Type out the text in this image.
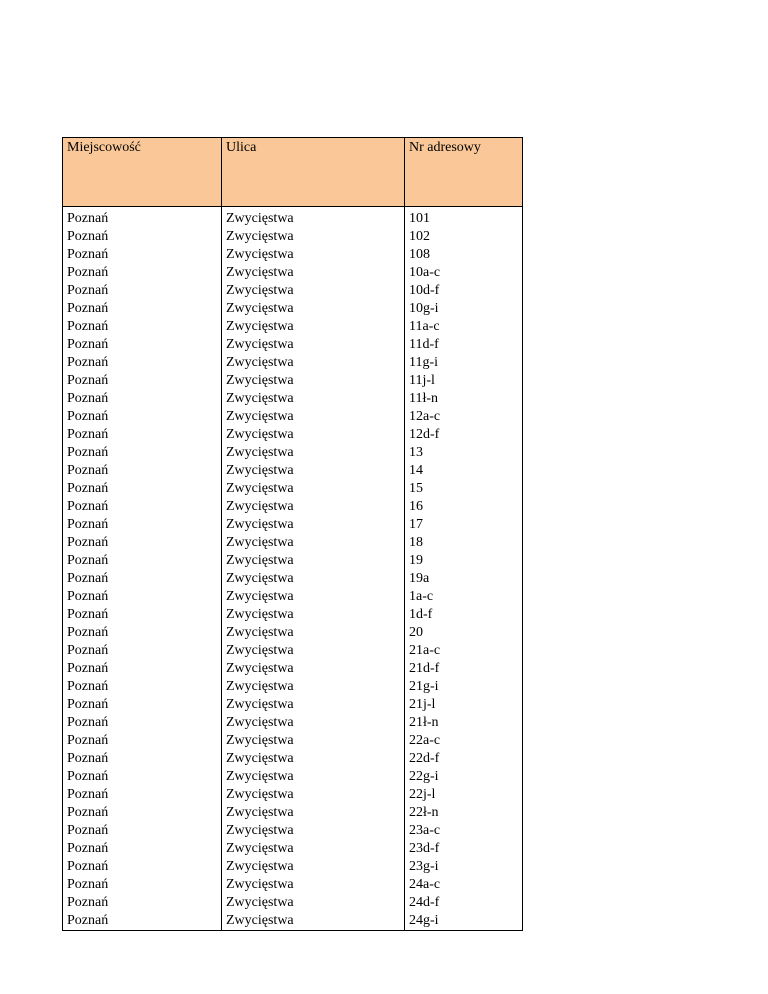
Miejscowość	Ulica	Nr adresowy
Poznań	Zwycięstwa	101
Poznań	Zwycięstwa	102
Poznań	Zwycięstwa	108
Poznań	Zwycięstwa	10a-c
Poznań	Zwycięstwa	10d-f
Poznań	Zwycięstwa	10g-i
Poznań	Zwycięstwa	11a-c
Poznań	Zwycięstwa	11d-f
Poznań	Zwycięstwa	11g-i
Poznań	Zwycięstwa	11j-l
Poznań	Zwycięstwa	11ł-n
Poznań	Zwycięstwa	12a-c
Poznań	Zwycięstwa	12d-f
Poznań	Zwycięstwa	13
Poznań	Zwycięstwa	14
Poznań	Zwycięstwa	15
Poznań	Zwycięstwa	16
Poznań	Zwycięstwa	17
Poznań	Zwycięstwa	18
Poznań	Zwycięstwa	19
Poznań	Zwycięstwa	19a
Poznań	Zwycięstwa	1a-c
Poznań	Zwycięstwa	1d-f
Poznań	Zwycięstwa	20
Poznań	Zwycięstwa	21a-c
Poznań	Zwycięstwa	21d-f
Poznań	Zwycięstwa	21g-i
Poznań	Zwycięstwa	21j-l
Poznań	Zwycięstwa	21ł-n
Poznań	Zwycięstwa	22a-c
Poznań	Zwycięstwa	22d-f
Poznań	Zwycięstwa	22g-i
Poznań	Zwycięstwa	22j-l
Poznań	Zwycięstwa	22ł-n
Poznań	Zwycięstwa	23a-c
Poznań	Zwycięstwa	23d-f
Poznań	Zwycięstwa	23g-i
Poznań	Zwycięstwa	24a-c
Poznań	Zwycięstwa	24d-f
Poznań	Zwycięstwa	24g-i
